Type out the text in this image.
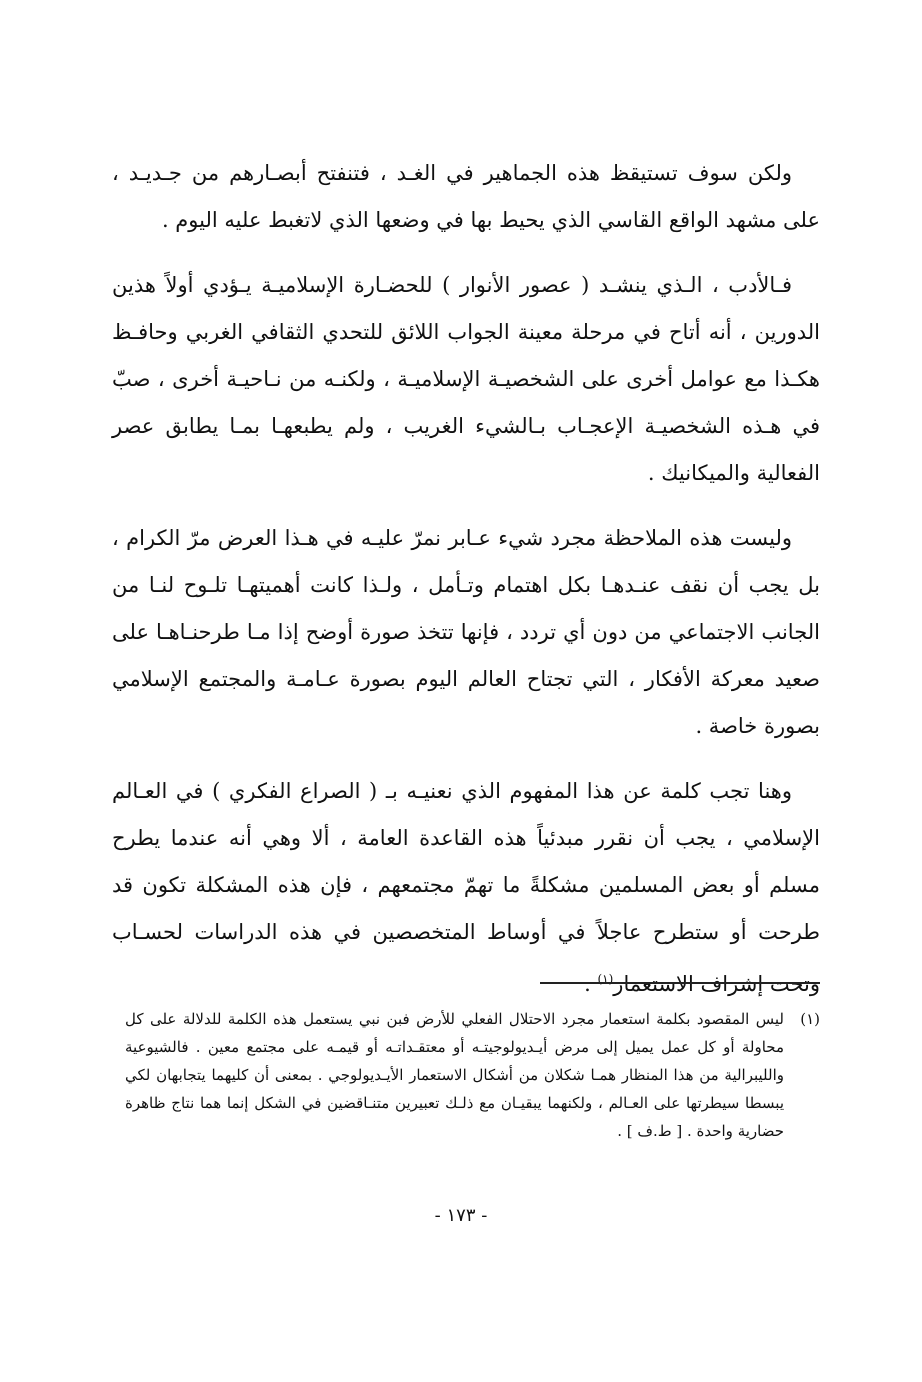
ولكن سوف تستيقظ هذه الجماهير في الغـد ، فتنفتح أبصـارهم من جـديـد ، على مشهد الواقع القاسي الذي يحيط بها في وضعها الذي لاتغبط عليه اليوم .

فـالأدب ، الـذي ينشـد ( عصور الأنوار ) للحضـارة الإسلاميـة يـؤدي أولاً هذين الدورين ، أنه أتاح في مرحلة معينة الجواب اللائق للتحدي الثقافي الغربي وحافـظ هكـذا مع عوامل أخرى على الشخصيـة الإسلاميـة ، ولكنـه من نـاحيـة أخرى ، صبّ في هـذه الشخصيـة الإعجـاب بـالشيء الغريب ، ولم يطبعهـا بمـا يطابق عصر الفعالية والميكانيك .

وليست هذه الملاحظة مجرد شيء عـابر نمرّ عليـه في هـذا العرض مرّ الكرام ، بل يجب أن نقف عنـدهـا بكل اهتمام وتـأمل ، ولـذا كانت أهميتهـا تلـوح لنـا من الجانب الاجتماعي من دون أي تردد ، فإنها تتخذ صورة أوضح إذا مـا طرحنـاهـا على صعيد معركة الأفكار ، التي تجتاح العالم اليوم بصورة عـامـة والمجتمع الإسلامي بصورة خاصة .

وهنا تجب كلمة عن هذا المفهوم الذي نعنيـه بـ ( الصراع الفكري ) في العـالم الإسلامي ، يجب أن نقرر مبدئياً هذه القاعدة العامة ، ألا وهي أنه عندما يطرح مسلم أو بعض المسلمين مشكلةً ما تهمّ مجتمعهم ، فإن هذه المشكلة تكون قد طرحت أو ستطرح عاجلاً في أوساط المتخصصين في هذه الدراسات لحسـاب وتحت إشراف الاستعمار$^{(١)}$ .

(١)
ليس المقصود بكلمة استعمار مجرد الاحتلال الفعلي للأرض فبن نبي يستعمل هذه الكلمة للدلالة على كل محاولة أو كل عمل يميل إلى مرض أيـديولوجيتـه أو معتقـداتـه أو قيمـه على مجتمع معين . فالشيوعية والليبرالية من هذا المنظار همـا شكلان من أشكال الاستعمار الأيـديولوجي . بمعنى أن كليهما يتجابهان لكي يبسطا سيطرتها على العـالم ، ولكنهما يبقيـان مع ذلـك تعبيرين متنـاقضين في الشكل إنما هما نتاج ظاهرة حضارية واحدة . [ ط.ف ] .
- ١٧٣ -
